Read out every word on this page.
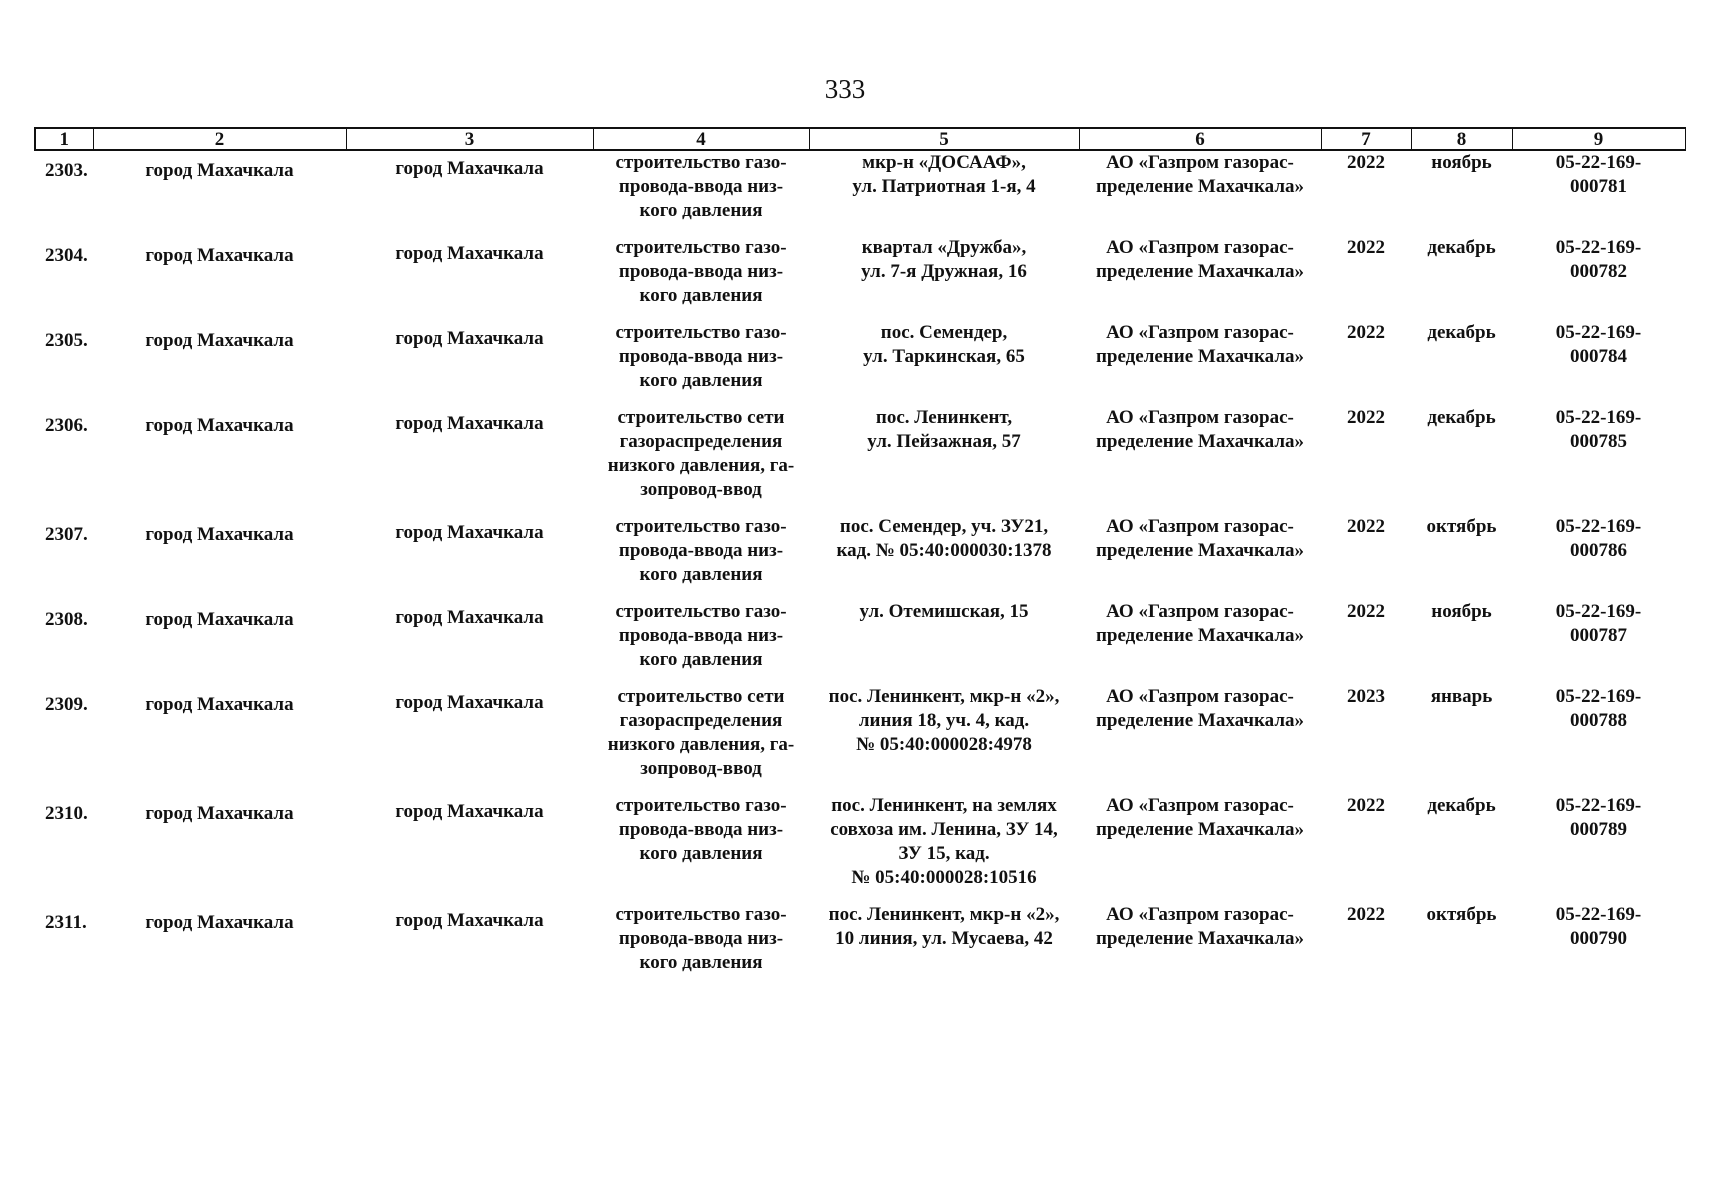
333
1	2	3	4	5	6	7	8	9
2303.	город Махачкала	город Махачкала	строительство газо-
провода-ввода низ-
кого давления	мкр-н «ДОСААФ»,
ул. Патриотная 1-я, 4	АО «Газпром газорас-
пределение Махачкала»	2022	ноябрь	05-22-169-
000781

2304.	город Махачкала	город Махачкала	строительство газо-
провода-ввода низ-
кого давления	квартал «Дружба»,
ул. 7-я Дружная, 16	АО «Газпром газорас-
пределение Махачкала»	2022	декабрь	05-22-169-
000782

2305.	город Махачкала	город Махачкала	строительство газо-
провода-ввода низ-
кого давления	пос. Семендер,
ул. Таркинская, 65	АО «Газпром газорас-
пределение Махачкала»	2022	декабрь	05-22-169-
000784

2306.	город Махачкала	город Махачкала	строительство сети
газораспределения
низкого давления, га-
зопровод-ввод	пос. Ленинкент,
ул. Пейзажная, 57	АО «Газпром газорас-
пределение Махачкала»	2022	декабрь	05-22-169-
000785

2307.	город Махачкала	город Махачкала	строительство газо-
провода-ввода низ-
кого давления	пос. Семендер, уч. ЗУ21,
кад. № 05:40:000030:1378	АО «Газпром газорас-
пределение Махачкала»	2022	октябрь	05-22-169-
000786

2308.	город Махачкала	город Махачкала	строительство газо-
провода-ввода низ-
кого давления	ул. Отемишская, 15	АО «Газпром газорас-
пределение Махачкала»	2022	ноябрь	05-22-169-
000787

2309.	город Махачкала	город Махачкала	строительство сети
газораспределения
низкого давления, га-
зопровод-ввод	пос. Ленинкент, мкр-н «2»,
линия 18, уч. 4, кад.
№ 05:40:000028:4978	АО «Газпром газорас-
пределение Махачкала»	2023	январь	05-22-169-
000788

2310.	город Махачкала	город Махачкала	строительство газо-
провода-ввода низ-
кого давления	пос. Ленинкент, на землях
совхоза им. Ленина, ЗУ 14,
ЗУ 15, кад.
№ 05:40:000028:10516	АО «Газпром газорас-
пределение Махачкала»	2022	декабрь	05-22-169-
000789

2311.	город Махачкала	город Махачкала	строительство газо-
провода-ввода низ-
кого давления	пос. Ленинкент, мкр-н «2»,
10 линия, ул. Мусаева, 42	АО «Газпром газорас-
пределение Махачкала»	2022	октябрь	05-22-169-
000790
